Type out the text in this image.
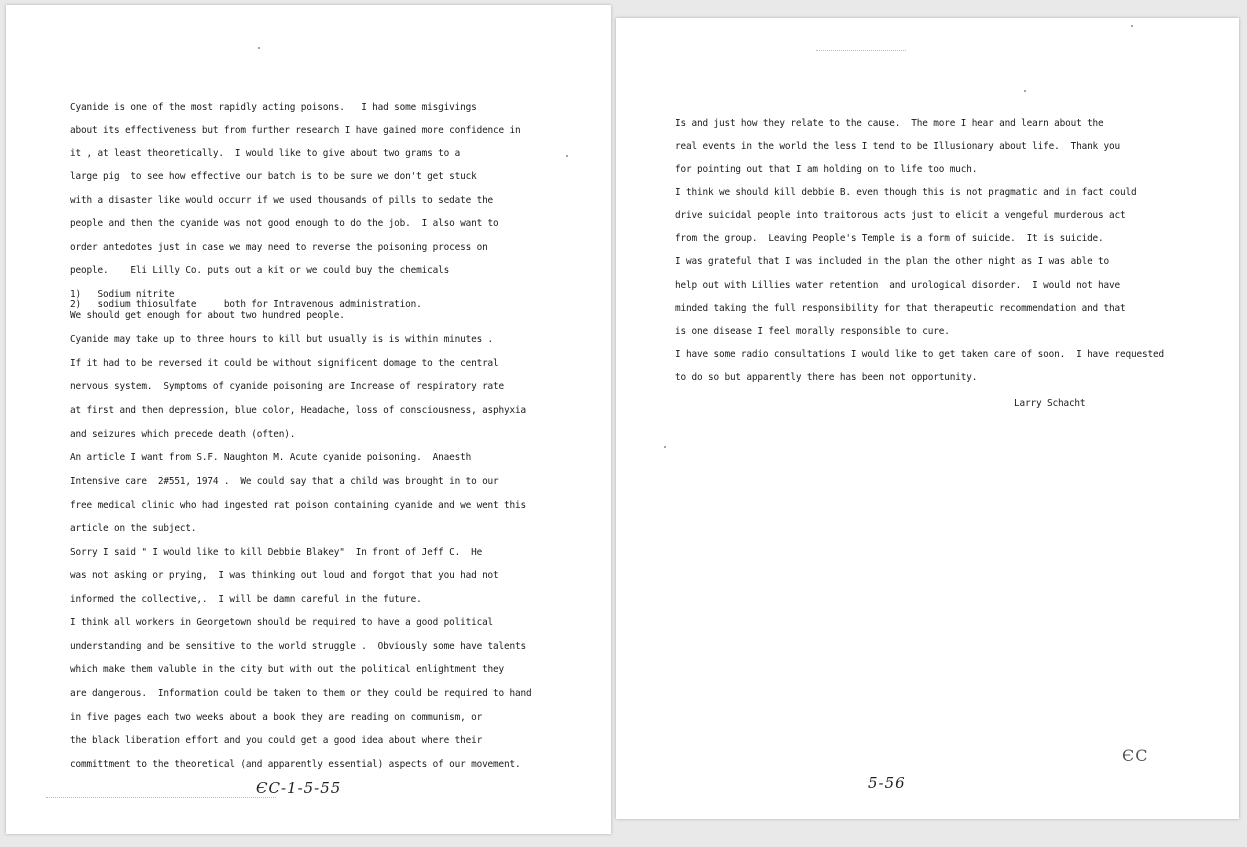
Cyanide is one of the most rapidly acting poisons.   I had some misgivings
about its effectiveness but from further research I have gained more confidence in
it , at least theoretically.  I would like to give about two grams to a
large pig  to see how effective our batch is to be sure we don't get stuck
with a disaster like would occurr if we used thousands of pills to sedate the
people and then the cyanide was not good enough to do the job.  I also want to
order antedotes just in case we may need to reverse the poisoning process on
people.    Eli Lilly Co. puts out a kit or we could buy the chemicals
1)   Sodium nitrite
2)   sodium thiosulfate     both for Intravenous administration.
We should get enough for about two hundred people.
Cyanide may take up to three hours to kill but usually is is within minutes .
If it had to be reversed it could be without significent domage to the central
nervous system.  Symptoms of cyanide poisoning are Increase of respiratory rate
at first and then depression, blue color, Headache, loss of consciousness, asphyxia
and seizures which precede death (often).
An article I want from S.F. Naughton M. Acute cyanide poisoning.  Anaesth
Intensive care  2#551, 1974 .  We could say that a child was brought in to our
free medical clinic who had ingested rat poison containing cyanide and we went this
article on the subject.
Sorry I said " I would like to kill Debbie Blakey"  In front of Jeff C.  He
was not asking or prying,  I was thinking out loud and forgot that you had not
informed the collective,.  I will be damn careful in the future.
I think all workers in Georgetown should be required to have a good political
understanding and be sensitive to the world struggle .  Obviously some have talents
which make them valuble in the city but with out the political enlightment they
are dangerous.  Information could be taken to them or they could be required to hand
in five pages each two weeks about a book they are reading on communism, or
the black liberation effort and you could get a good idea about where their
committment to the theoretical (and apparently essential) aspects of our movement.
ЄС-1-5-55
Is and just how they relate to the cause.  The more I hear and learn about the
real events in the world the less I tend to be Illusionary about life.  Thank you
for pointing out that I am holding on to life too much.
I think we should kill debbie B. even though this is not pragmatic and in fact could
drive suicidal people into traitorous acts just to elicit a vengeful murderous act
from the group.  Leaving People's Temple is a form of suicide.  It is suicide.
I was grateful that I was included in the plan the other night as I was able to
help out with Lillies water retention  and urological disorder.  I would not have
minded taking the full responsibility for that therapeutic recommendation and that
is one disease I feel morally responsible to cure.
I have some radio consultations I would like to get taken care of soon.  I have requested
to do so but apparently there has been not opportunity.
Larry Schacht
5-56
ЄС
